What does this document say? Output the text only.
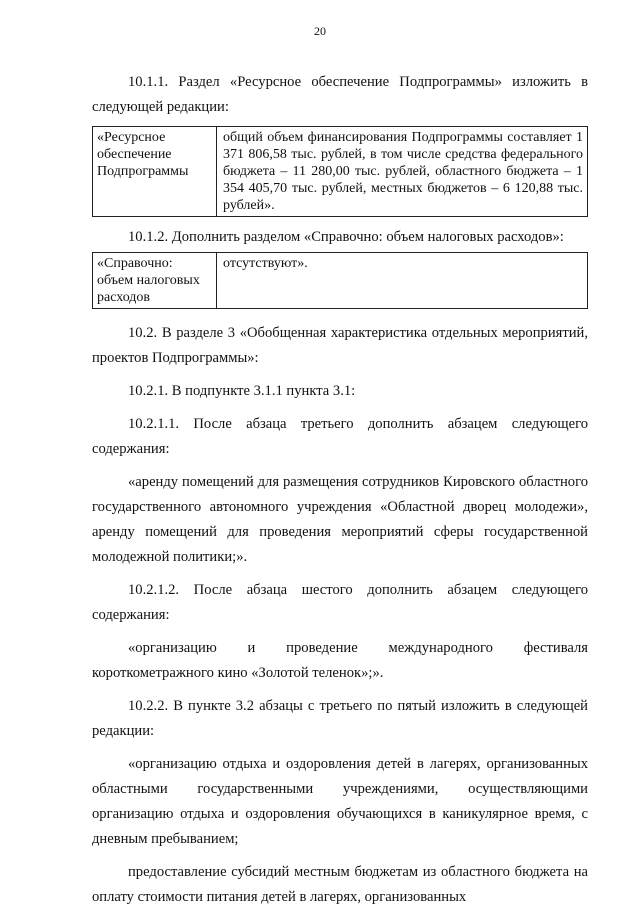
20

10.1.1. Раздел «Ресурсное обеспечение Подпрограммы» изложить в следующей редакции:

«Ресурсное обеспечение Подпрограммы	общий объем финансирования Подпрограммы составляет 1 371 806,58 тыс. рублей, в том числе средства федерального бюджета – 11 280,00 тыс. рублей, областного бюджета – 1 354 405,70 тыс. рублей, местных бюджетов – 6 120,88 тыс. рублей».

10.1.2. Дополнить разделом «Справочно: объем налоговых расходов»:

«Справочно: объем налоговых расходов	отсутствуют».

10.2. В разделе 3 «Обобщенная характеристика отдельных мероприятий, проектов Подпрограммы»:

10.2.1. В подпункте 3.1.1 пункта 3.1:

10.2.1.1. После абзаца третьего дополнить абзацем следующего содержания:

«аренду помещений для размещения сотрудников Кировского областного государственного автономного учреждения «Областной дворец молодежи», аренду помещений для проведения мероприятий сферы государственной молодежной политики;».

10.2.1.2. После абзаца шестого дополнить абзацем следующего содержания:

«организацию и проведение международного фестиваля короткометражного кино «Золотой теленок»;».

10.2.2. В пункте 3.2 абзацы с третьего по пятый изложить в следующей редакции:

«организацию отдыха и оздоровления детей в лагерях, организованных областными государственными учреждениями, осуществляющими организацию отдыха и оздоровления обучающихся в каникулярное время, с дневным пребыванием;

предоставление субсидий местным бюджетам из областного бюджета на оплату стоимости питания детей в лагерях, организованных
